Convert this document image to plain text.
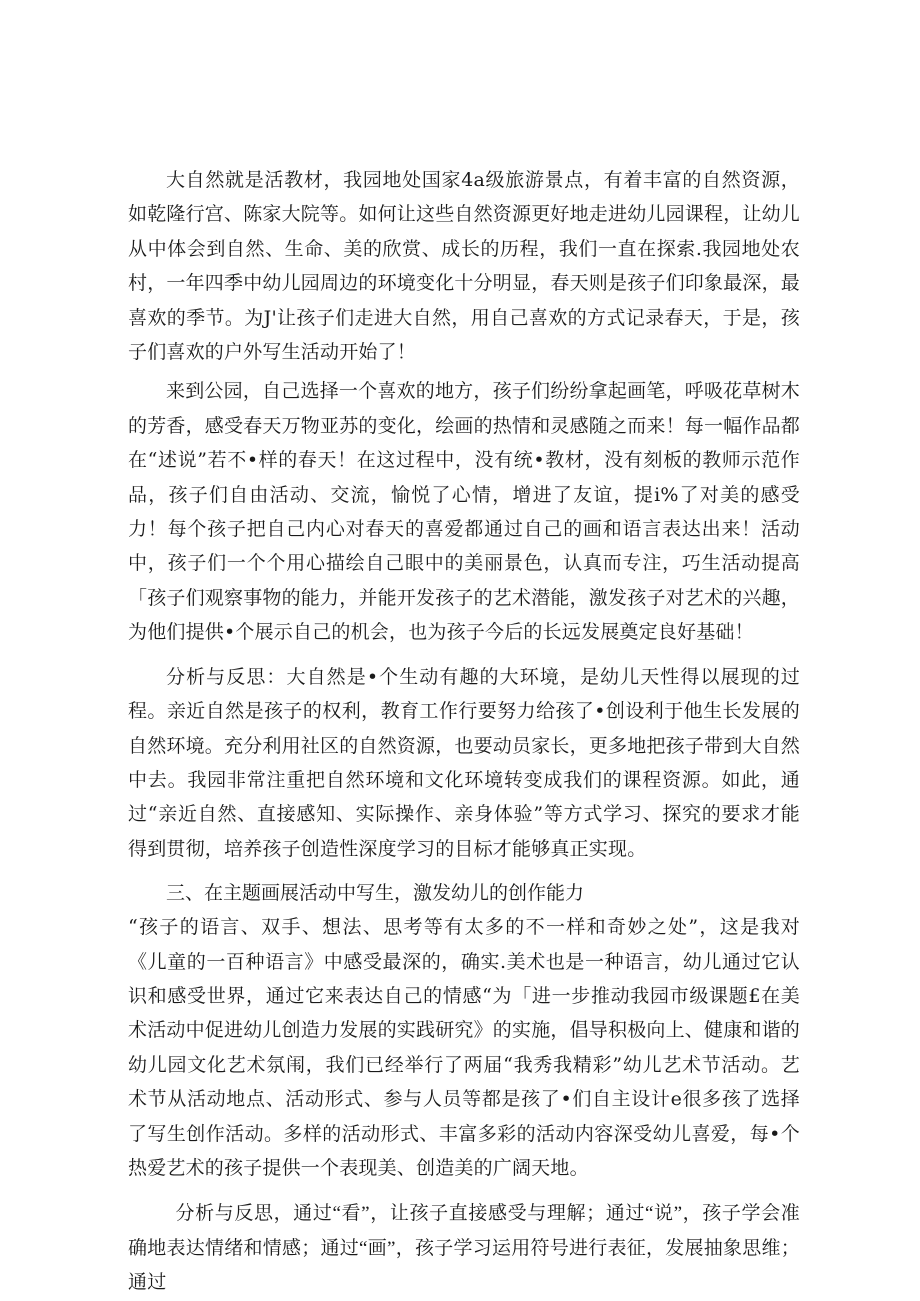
大自然就是活教材，我园地处国家4a级旅游景点，有着丰富的自然资源，如乾隆行宫、陈家大院等。如何让这些自然资源更好地走进幼儿园课程，让幼儿从中体会到自然、生命、美的欣赏、成长的历程，我们一直在探索.我园地处农村，一年四季中幼儿园周边的环境变化十分明显，春天则是孩子们印象最深，最喜欢的季节。为J'让孩子们走进大自然，用自己喜欢的方式记录春天，于是，孩子们喜欢的户外写生活动开始了！

来到公园，自己选择一个喜欢的地方，孩子们纷纷拿起画笔，呼吸花草树木的芳香，感受春天万物亚苏的变化，绘画的热情和灵感随之而来！每一幅作品都在“述说”若不•样的春天！在这过程中，没有统•教材，没有刻板的教师示范作品，孩子们自由活动、交流，愉悦了心情，增进了友谊，提i%了对美的感受力！每个孩子把自己内心对春天的喜爱都通过自己的画和语言表达出来！活动中，孩子们一个个用心描绘自己眼中的美丽景色，认真而专注，巧生活动提高「孩子们观察事物的能力，并能开发孩子的艺术潜能，激发孩子对艺术的兴趣，为他们提供•个展示自己的机会，也为孩子今后的长远发展奠定良好基础！

分析与反思：大自然是•个生动有趣的大环境，是幼儿天性得以展现的过程。亲近自然是孩子的权利，教育工作行要努力给孩了•创设利于他生长发展的自然环境。充分利用社区的自然资源，也要动员家长，更多地把孩子带到大自然中去。我园非常注重把自然环境和文化环境转变成我们的课程资源。如此，通过“亲近自然、直接感知、实际操作、亲身体验”等方式学习、探究的要求才能得到贯彻，培养孩子创造性深度学习的目标才能够真正实现。

三、在主题画展活动中写生，激发幼儿的创作能力

“孩子的语言、双手、想法、思考等有太多的不一样和奇妙之处”，这是我对《儿童的一百种语言》中感受最深的，确实.美术也是一种语言，幼儿通过它认识和感受世界，通过它来表达自己的情感“为「进一步推动我园市级课题£在美术活动中促进幼儿创造力发展的实践研究》的实施，倡导积极向上、健康和谐的幼儿园文化艺术氛闱，我们已经举行了两届“我秀我精彩”幼儿艺术节活动。艺术节从活动地点、活动形式、参与人员等都是孩了•们自主设计e很多孩了选择了写生创作活动。多样的活动形式、丰富多彩的活动内容深受幼儿喜爱，每•个热爱艺术的孩子提供一个表现美、创造美的广阔天地。

分析与反思，通过“看”，让孩子直接感受与理解；通过“说”，孩子学会准确地表达情绪和情感；通过“画”，孩子学习运用符号进行表征，发展抽象思维；通过
